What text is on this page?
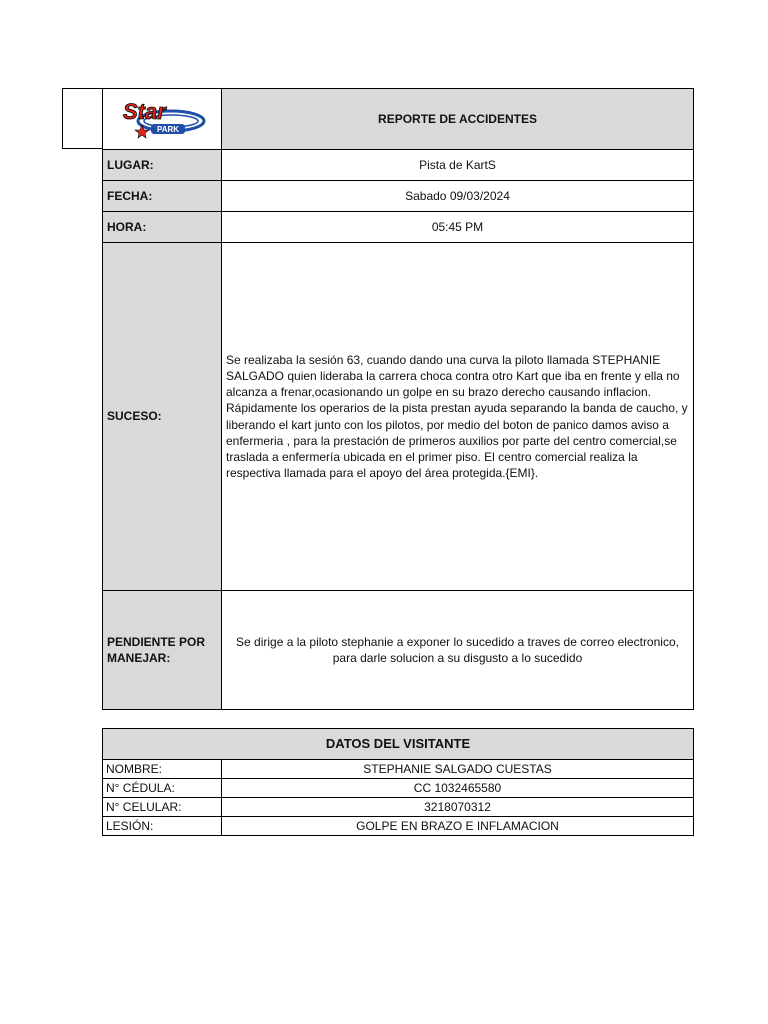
Star
PARK	REPORTE DE ACCIDENTES
LUGAR:	Pista de KartS
FECHA:	Sabado 09/03/2024
HORA:	05:45 PM
SUCESO:	Se realizaba la sesión 63, cuando dando una curva la piloto llamada STEPHANIE SALGADO quien lideraba la carrera choca contra otro Kart que iba en frente y ella no alcanza a frenar,ocasionando un golpe en su brazo derecho causando inflacion. Rápidamente los operarios de la pista prestan ayuda separando la banda de caucho, y liberando el kart junto con los pilotos, por medio del boton de panico damos aviso a enfermeria , para la prestación de primeros auxilios por parte del centro comercial,se traslada a enfermería ubicada en el primer piso. El centro comercial realiza la respectiva llamada para el apoyo del área protegida.{EMI}.
PENDIENTE POR MANEJAR:	Se dirige a la piloto stephanie a exponer lo sucedido a traves de correo electronico, para darle solucion a su disgusto a lo sucedido
DATOS DEL VISITANTE	
NOMBRE:	STEPHANIE SALGADO CUESTAS
N° CÉDULA:	CC 1032465580
N° CELULAR:	3218070312
LESIÓN:	GOLPE EN BRAZO E INFLAMACION
